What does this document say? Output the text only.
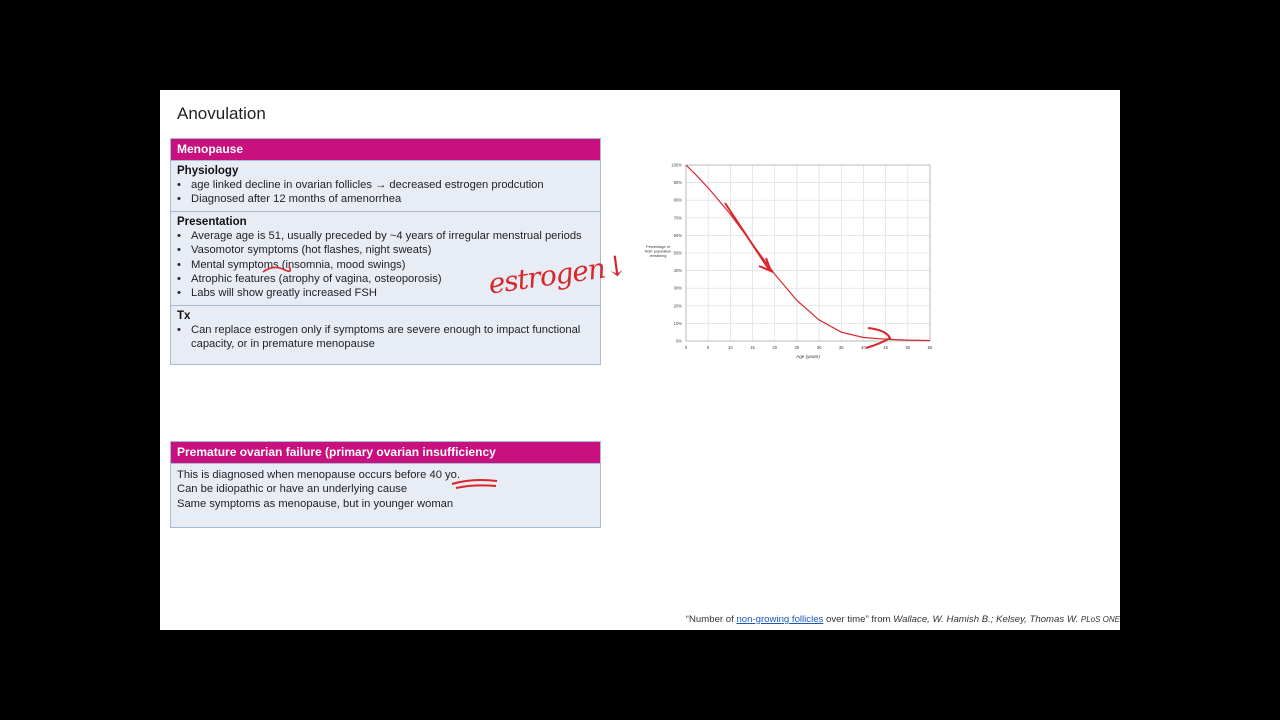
Anovulation
Menopause
Physiology
• age linked decline in ovarian follicles → decreased estrogen prodcution
• Diagnosed after 12 months of amenorrhea
Presentation
• Average age is 51, usually preceded by ~4 years of irregular menstrual periods
• Vasomotor symptoms (hot flashes, night sweats)
• Mental symptoms (insomnia, mood swings)
• Atrophic features (atrophy of vagina, osteoporosis)
• Labs will show greatly increased FSH
Tx
• Can replace estrogen only if symptoms are severe enough to impact functional capacity, or in premature menopause
Premature ovarian failure (primary ovarian insufficiency
This is diagnosed when menopause occurs before 40 yo.
Can be idiopathic or have an underlying cause
Same symptoms as menopause, but in younger woman
0%
10%
20%
30%
40%
50%
60%
70%
80%
90%
100%
0	5	10	15	20	25	30	35	40	45	50	55
Age (years)
Percentage of NGF population remaining
“Number of non-growing follicles over time” from Wallace, W. Hamish B.; Kelsey, Thomas W. PLoS ONE
estrogen↓
